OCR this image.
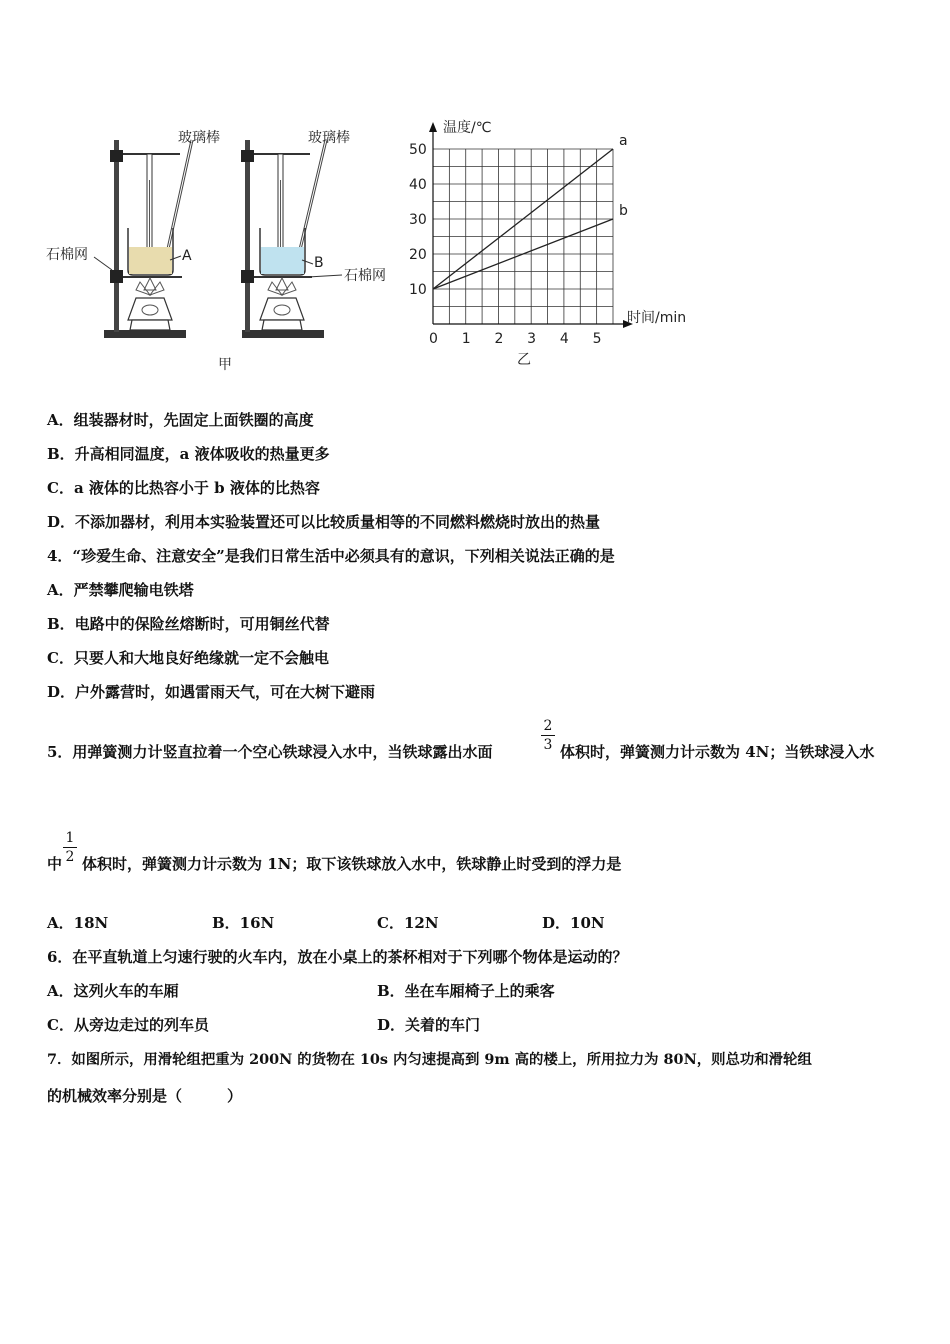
玻璃棒
石棉网	A
玻璃棒
B
石棉网
甲
a
b
0 1 2 3 4 5
10
20
30
40
50
温度/℃
时间/min
乙
A．组装器材时，先固定上面铁圈的高度
B．升高相同温度，a 液体吸收的热量更多
C．a 液体的比热容小于 b 液体的比热容
D．不添加器材，利用本实验装置还可以比较质量相等的不同燃料燃烧时放出的热量
4．“珍爱生命、注意安全”是我们日常生活中必须具有的意识，下列相关说法正确的是
A．严禁攀爬输电铁塔
B．电路中的保险丝熔断时，可用铜丝代替
C．只要人和大地良好绝缘就一定不会触电
D．户外露营时，如遇雷雨天气，可在大树下避雨
5．用弹簧测力计竖直拉着一个空心铁球浸入水中，当铁球露出水面
2
3 体积时，弹簧测力计示数为 4N；当铁球浸入水
中
1
2 体积时，弹簧测力计示数为 1N；取下该铁球放入水中，铁球静止时受到的浮力是
A．18N	B．16N	C．12N	D．10N
6．在平直轨道上匀速行驶的火车内，放在小桌上的茶杯相对于下列哪个物体是运动的？
A．这列火车的车厢	B．坐在车厢椅子上的乘客
C．从旁边走过的列车员	D．关着的车门
7．如图所示，用滑轮组把重为 200N 的货物在 10s 内匀速提高到 9m 高的楼上，所用拉力为 80N，则总功和滑轮组
的机械效率分别是（　　　）
